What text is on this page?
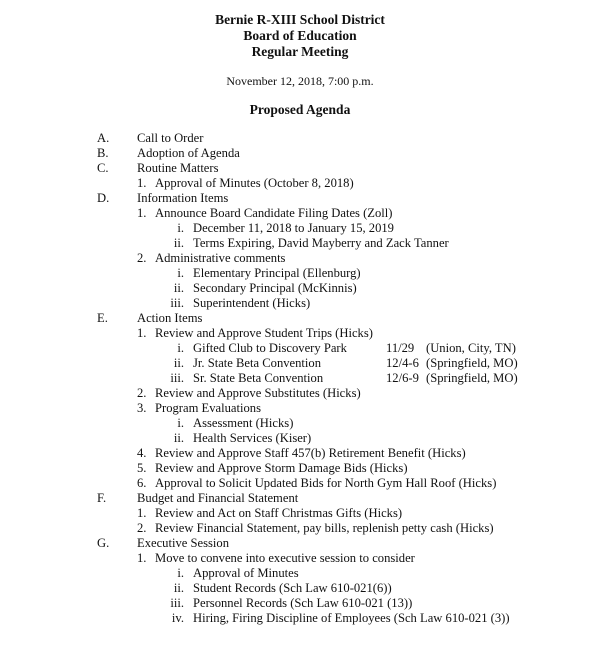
Bernie R-XIII School District
Board of Education
Regular Meeting
November 12, 2018, 7:00 p.m.
Proposed Agenda
A. Call to Order
B. Adoption of Agenda
C. Routine Matters
1. Approval of Minutes (October 8, 2018)
D. Information Items
1. Announce Board Candidate Filing Dates (Zoll)
i. December 11, 2018 to January 15, 2019
ii. Terms Expiring, David Mayberry and Zack Tanner
2. Administrative comments
i. Elementary Principal (Ellenburg)
ii. Secondary Principal (McKinnis)
iii. Superintendent (Hicks)
E. Action Items
1. Review and Approve Student Trips (Hicks)
i. Gifted Club to Discovery Park	11/29 (Union, City, TN)
ii. Jr. State Beta Convention	12/4-6 (Springfield, MO)
iii. Sr. State Beta Convention	12/6-9 (Springfield, MO)
2. Review and Approve Substitutes (Hicks)
3. Program Evaluations
i. Assessment (Hicks)
ii. Health Services (Kiser)
4. Review and Approve Staff 457(b) Retirement Benefit (Hicks)
5. Review and Approve Storm Damage Bids (Hicks)
6. Approval to Solicit Updated Bids for North Gym Hall Roof (Hicks)
F. Budget and Financial Statement
1. Review and Act on Staff Christmas Gifts (Hicks)
2. Review Financial Statement, pay bills, replenish petty cash (Hicks)
G. Executive Session
1. Move to convene into executive session to consider
i. Approval of Minutes
ii. Student Records (Sch Law 610-021(6))
iii. Personnel Records (Sch Law 610-021 (13))
iv. Hiring, Firing Discipline of Employees (Sch Law 610-021 (3))
